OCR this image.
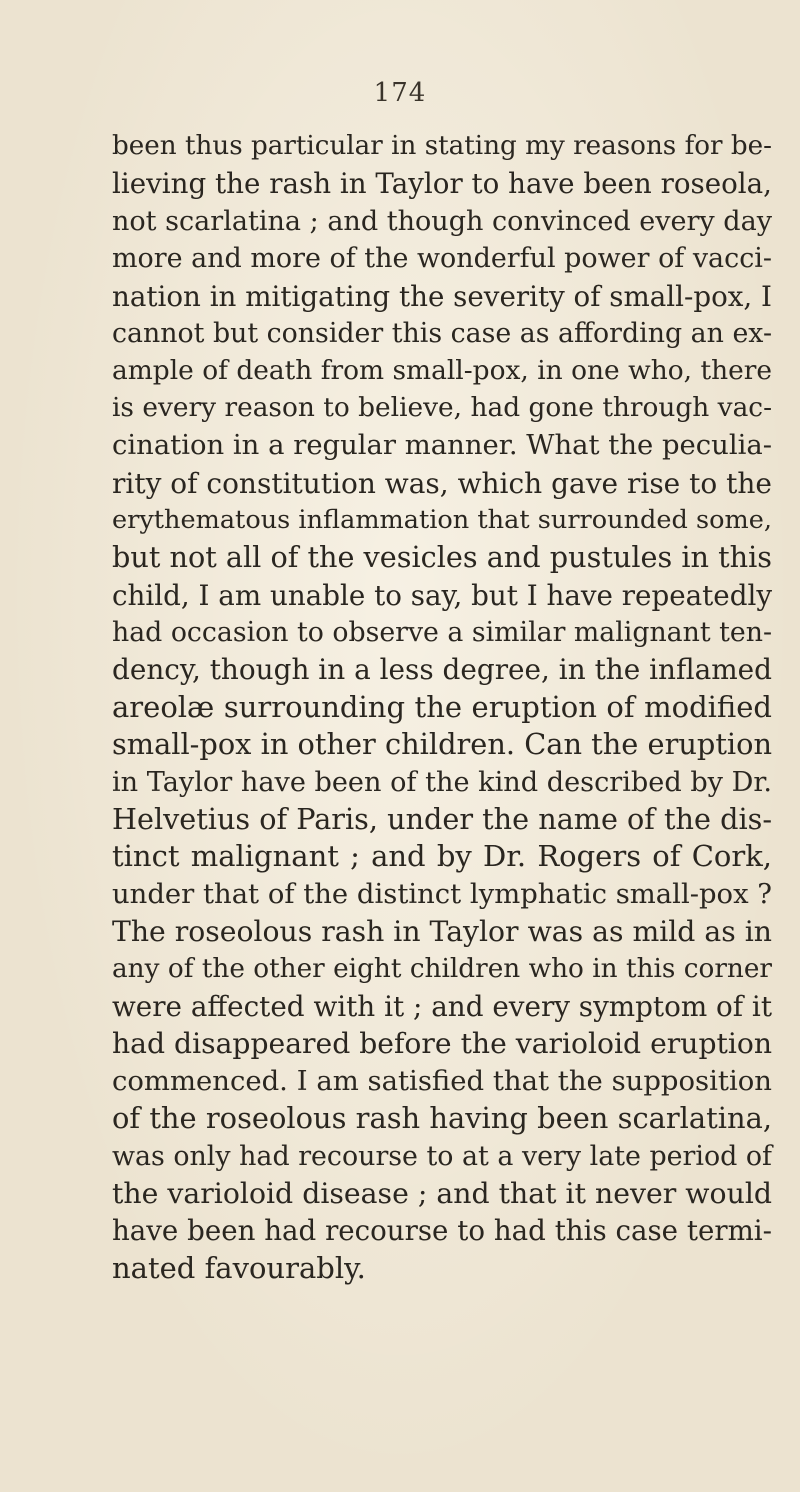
174
been thus particular in stating my reasons for be-
lieving the rash in Taylor to have been roseola,
not scarlatina ; and though convinced every day
more and more of the wonderful power of vacci-
nation in mitigating the severity of small-pox, I
cannot but consider this case as affording an ex-
ample of death from small-pox, in one who, there
is every reason to believe, had gone through vac-
cination in a regular manner. What the peculia-
rity of constitution was, which gave rise to the
erythematous inflammation that surrounded some,
but not all of the vesicles and pustules in this
child, I am unable to say, but I have repeatedly
had occasion to observe a similar malignant ten-
dency, though in a less degree, in the inflamed
areolæ surrounding the eruption of modified
small-pox in other children. Can the eruption
in Taylor have been of the kind described by Dr.
Helvetius of Paris, under the name of the dis-
tinct malignant ; and by Dr. Rogers of Cork,
under that of the distinct lymphatic small-pox ?
The roseolous rash in Taylor was as mild as in
any of the other eight children who in this corner
were affected with it ; and every symptom of it
had disappeared before the varioloid eruption
commenced. I am satisfied that the supposition
of the roseolous rash having been scarlatina,
was only had recourse to at a very late period of
the varioloid disease ; and that it never would
have been had recourse to had this case termi-
nated favourably.
